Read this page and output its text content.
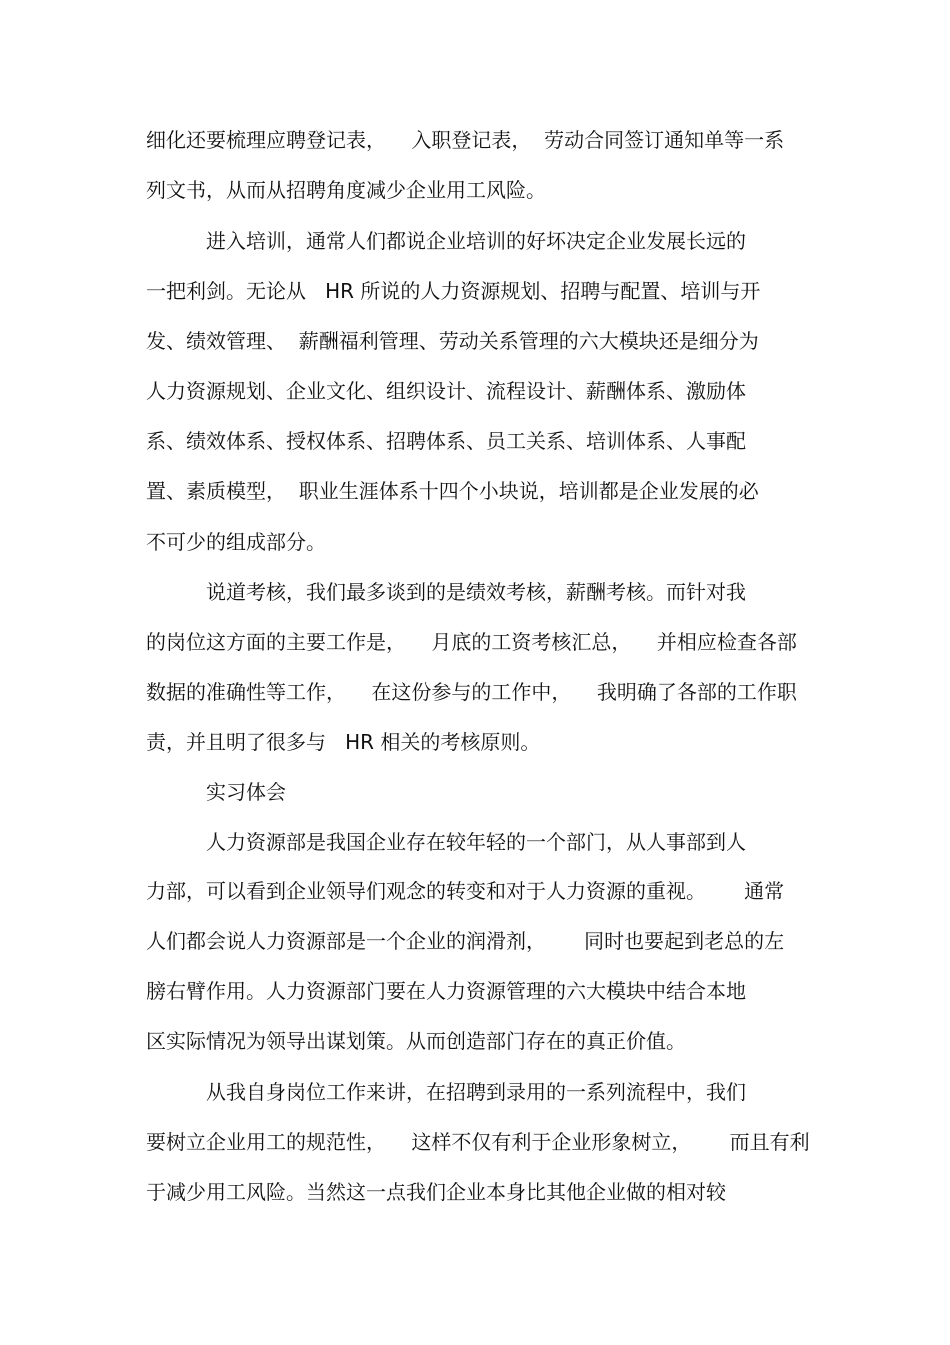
细化还要梳理应聘登记表，    入职登记表，  劳动合同签订通知单等一系

列文书，从而从招聘角度减少企业用工风险。

进入培训，通常人们都说企业培训的好坏决定企业发展长远的

一把利剑。无论从   HR 所说的人力资源规划、招聘与配置、培训与开

发、绩效管理、  薪酬福利管理、劳动关系管理的六大模块还是细分为

人力资源规划、企业文化、组织设计、流程设计、薪酬体系、激励体

系、绩效体系、授权体系、招聘体系、员工关系、培训体系、人事配

置、素质模型，  职业生涯体系十四个小块说，培训都是企业发展的必

不可少的组成部分。

说道考核，我们最多谈到的是绩效考核，薪酬考核。而针对我

的岗位这方面的主要工作是，    月底的工资考核汇总，    并相应检查各部

数据的准确性等工作，    在这份参与的工作中，    我明确了各部的工作职

责，并且明了很多与   HR 相关的考核原则。

实习体会

人力资源部是我国企业存在较年轻的一个部门，从人事部到人

力部，可以看到企业领导们观念的转变和对于人力资源的重视。      通常

人们都会说人力资源部是一个企业的润滑剂，      同时也要起到老总的左

膀右臂作用。人力资源部门要在人力资源管理的六大模块中结合本地

区实际情况为领导出谋划策。从而创造部门存在的真正价值。

从我自身岗位工作来讲，在招聘到录用的一系列流程中，我们

要树立企业用工的规范性，    这样不仅有利于企业形象树立，      而且有利

于减少用工风险。当然这一点我们企业本身比其他企业做的相对较
